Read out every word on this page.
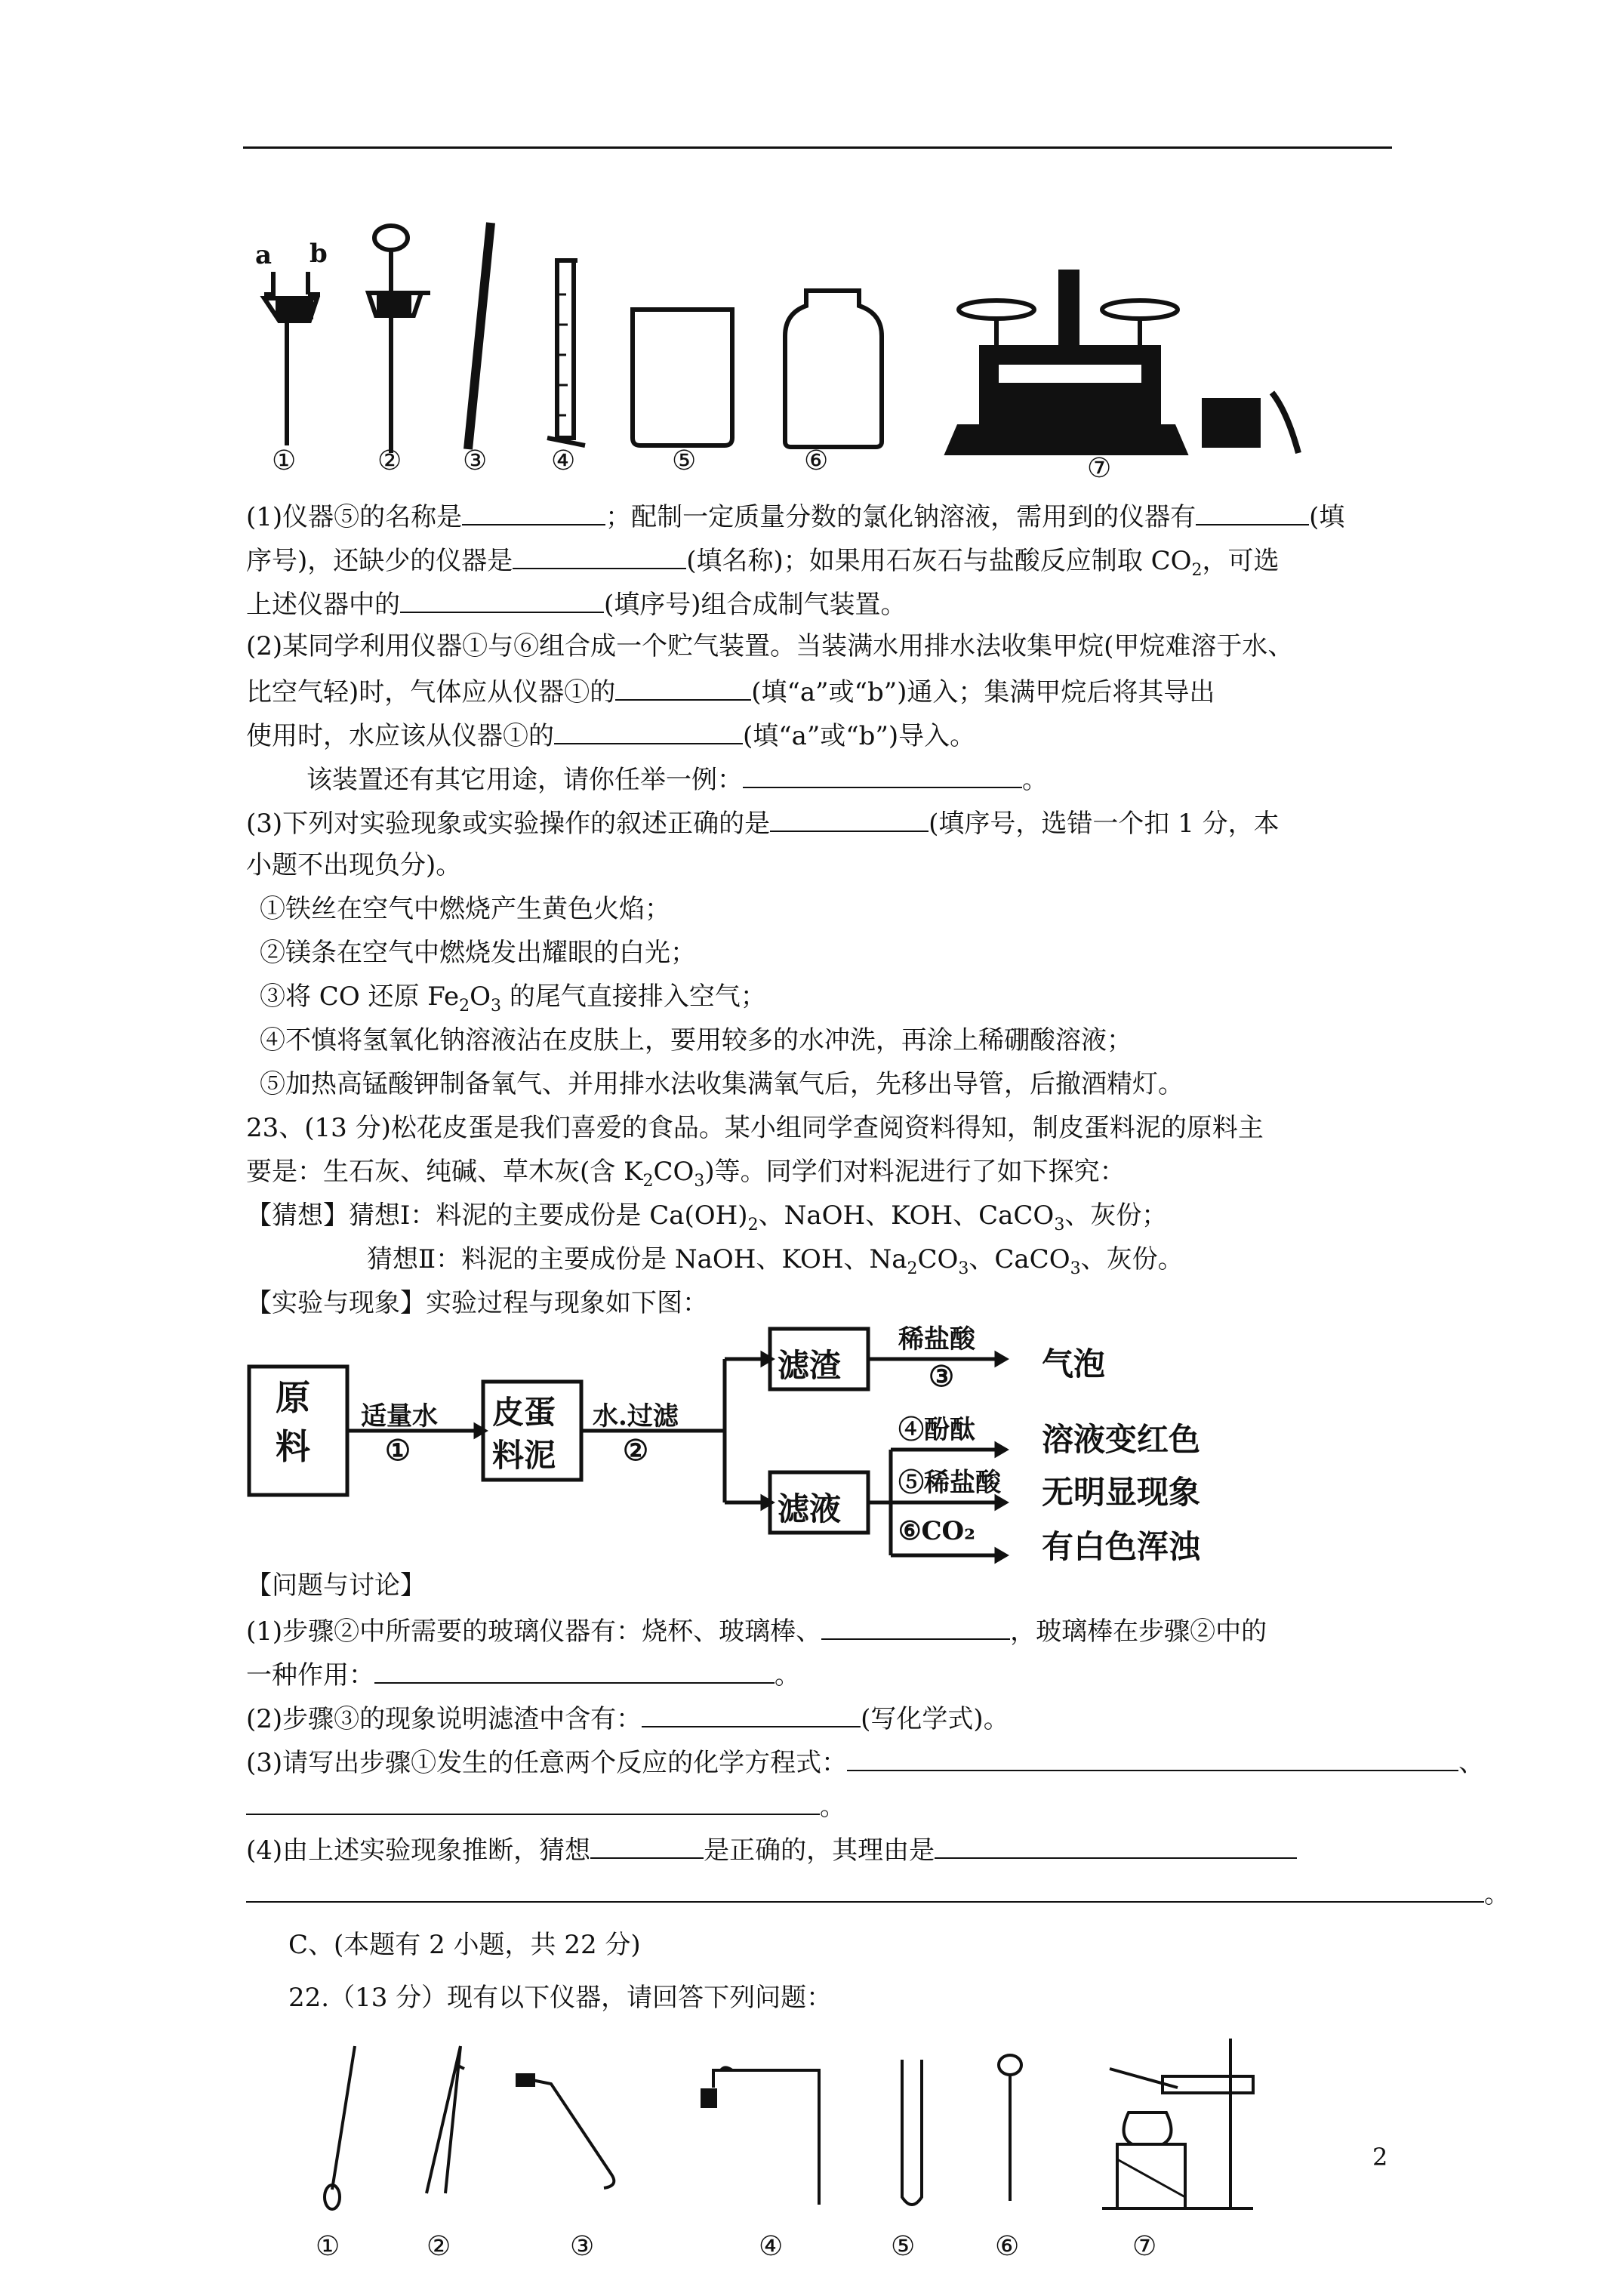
a b
①	② ③ ④	⑤	⑥	⑦
(1)仪器⑤的名称是	；配制一定质量分数的氯化钠溶液，需用到的仪器有	(填
序号)，还缺少的仪器是	(填名称)；如果用石灰石与盐酸反应制取 $CO_2$，可选
上述仪器中的	(填序号)组合成制气装置。
(2)某同学利用仪器①与⑥组合成一个贮气装置。当装满水用排水法收集甲烷(甲烷难溶于水、
比空气轻)时，气体应从仪器①的	(填“a”或“b”)通入；集满甲烷后将其导出
使用时，水应该从仪器①的	(填“a”或“b”)导入。
该装置还有其它用途，请你任举一例：	。
(3)下列对实验现象或实验操作的叙述正确的是	(填序号，选错一个扣 1 分，本
小题不出现负分)。
①铁丝在空气中燃烧产生黄色火焰；
②镁条在空气中燃烧发出耀眼的白光；
③将 CO 还原 $Fe_2O_3$ 的尾气直接排入空气；
④不慎将氢氧化钠溶液沾在皮肤上，要用较多的水冲洗，再涂上稀硼酸溶液；
⑤加热高锰酸钾制备氧气、并用排水法收集满氧气后，先移出导管，后撤酒精灯。
23、(13 分)松花皮蛋是我们喜爱的食品。某小组同学查阅资料得知，制皮蛋料泥的原料主
要是：生石灰、纯碱、草木灰(含 $K_2CO_3$)等。同学们对料泥进行了如下探究：
【猜想】猜想Ⅰ：料泥的主要成份是 $Ca(OH)_2$、NaOH、KOH、CaCO$_3$、灰份；
猜想Ⅱ：料泥的主要成份是 NaOH、KOH、$Na_2CO_3$、CaCO$_3$、灰份。
【实验与现象】实验过程与现象如下图：
原
料
适量水
①
皮蛋
料泥
水.过滤
②
滤渣
滤液
稀盐酸
③	气泡
④酚酞 溶液变红色
⑤稀盐酸 无明显现象
⑥CO₂ 有白色浑浊
【问题与讨论】
(1)步骤②中所需要的玻璃仪器有：烧杯、玻璃棒、	，玻璃棒在步骤②中的
一种作用：	。
(2)步骤③的现象说明滤渣中含有：	(写化学式)。
(3)请写出步骤①发生的任意两个反应的化学方程式：	、
。
(4)由上述实验现象推断，猜想	是正确的，其理由是
。
C、(本题有 2 小题，共 22 分)
22.（13 分）现有以下仪器，请回答下列问题：
①	②	③	④	⑤	⑥	⑦
2
